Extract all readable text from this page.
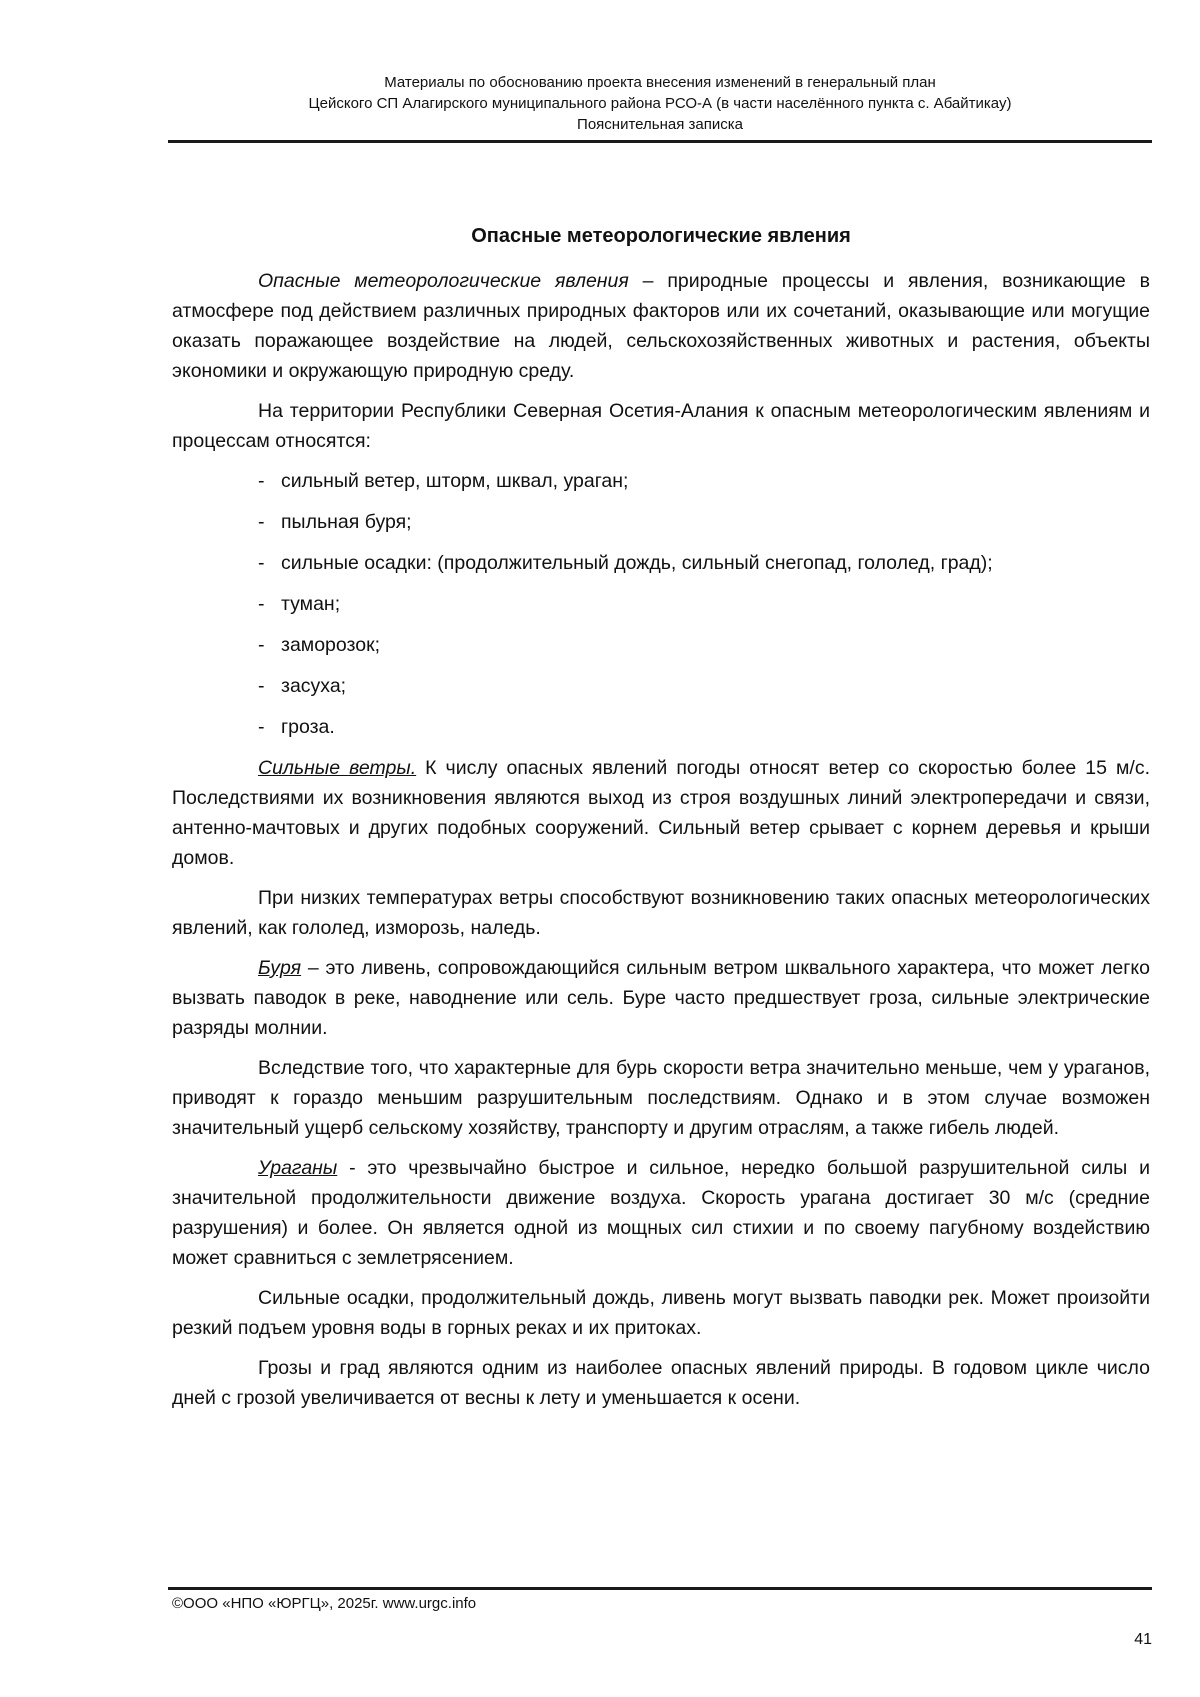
Материалы по обоснованию проекта внесения изменений в генеральный план
Цейского СП Алагирского муниципального района РСО-А (в части населённого пункта с. Абайтикау)
Пояснительная записка
Опасные метеорологические явления

Опасные метеорологические явления – природные процессы и явления, возникающие в атмосфере под действием различных природных факторов или их сочетаний, оказывающие или могущие оказать поражающее воздействие на людей, сельскохозяйственных животных и растения, объекты экономики и окружающую природную среду.

На территории Республики Северная Осетия-Алания к опасным метеорологическим явлениям и процессам относятся:

- сильный ветер, шторм, шквал, ураган;
- пыльная буря;
- сильные осадки: (продолжительный дождь, сильный снегопад, гололед, град);
- туман;
- заморозок;
- засуха;
- гроза.

Сильные ветры. К числу опасных явлений погоды относят ветер со скоростью более 15 м/с. Последствиями их возникновения являются выход из строя воздушных линий электропередачи и связи, антенно-мачтовых и других подобных сооружений. Сильный ветер срывает с корнем деревья и крыши домов.

При низких температурах ветры способствуют возникновению таких опасных метеорологических явлений, как гололед, изморозь, наледь.

Буря – это ливень, сопровождающийся сильным ветром шквального характера, что может легко вызвать паводок в реке, наводнение или сель. Буре часто предшествует гроза, сильные электрические разряды молнии.

Вследствие того, что характерные для бурь скорости ветра значительно меньше, чем у ураганов, приводят к гораздо меньшим разрушительным последствиям. Однако и в этом случае возможен значительный ущерб сельскому хозяйству, транспорту и другим отраслям, а также гибель людей.

Ураганы - это чрезвычайно быстрое и сильное, нередко большой разрушительной силы и значительной продолжительности движение воздуха. Скорость урагана достигает 30 м/с (средние разрушения) и более. Он является одной из мощных сил стихии и по своему пагубному воздействию может сравниться с землетрясением.

Сильные осадки, продолжительный дождь, ливень могут вызвать паводки рек. Может произойти резкий подъем уровня воды в горных реках и их притоках.

Грозы и град являются одним из наиболее опасных явлений природы. В годовом цикле число дней с грозой увеличивается от весны к лету и уменьшается к осени.

©ООО «НПО «ЮРГЦ», 2025г. www.urgc.info
41
